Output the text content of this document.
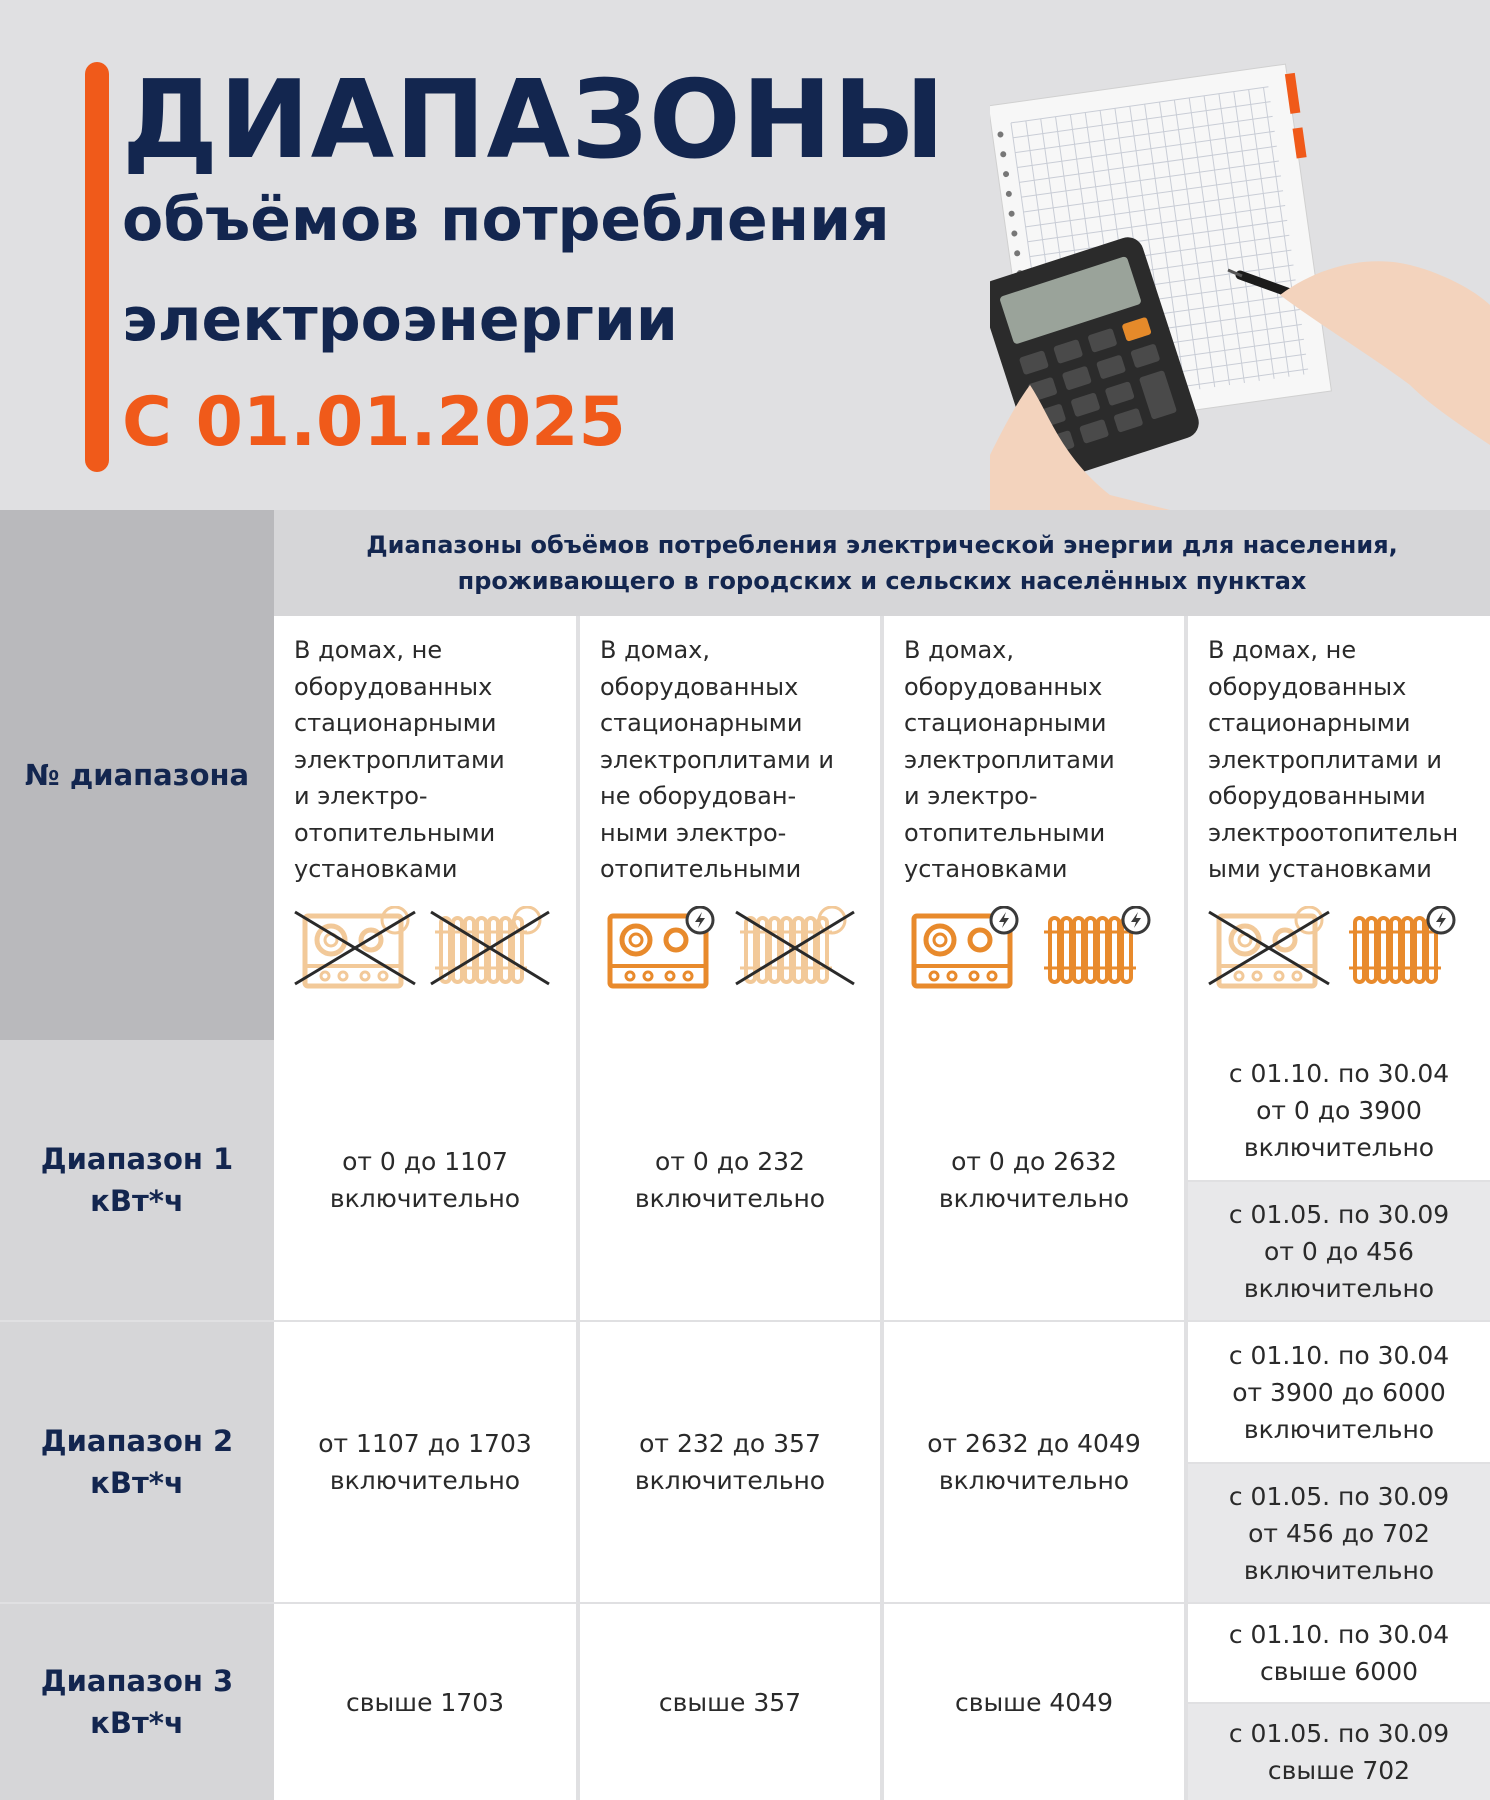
ДИАПАЗОНЫ
объёмов потребления
электроэнергии
С 01.01.2025
№ диапазона
Диапазоны объёмов потребления электрической энергии для населения,
проживающего в городских и сельских населённых пунктах
В домах, не
оборудованных
стационарными
электроплитами
и электро-
отопительными
установками
В домах,
оборудованных
стационарными
электроплитами и
не оборудован-
ными электро-
отопительными
В домах,
оборудованных
стационарными
электроплитами
и электро-
отопительными
установками
В домах, не
оборудованных
стационарными
электроплитами и
оборудованными
электроотопительн
ыми установками
Диапазон 1
кВт*ч
от 0 до 1107
включительно
от 0 до 232
включительно
от 0 до 2632
включительно
с 01.10. по 30.04
от 0 до 3900
включительно
с 01.05. по 30.09
от 0 до 456
включительно
Диапазон 2
кВт*ч
от 1107 до 1703
включительно
от 232 до 357
включительно
от 2632 до 4049
включительно
с 01.10. по 30.04
от 3900 до 6000
включительно
с 01.05. по 30.09
от 456 до 702
включительно
Диапазон 3
кВт*ч
свыше 1703	свыше 357	свыше 4049
с 01.10. по 30.04
свыше 6000
с 01.05. по 30.09
свыше 702
